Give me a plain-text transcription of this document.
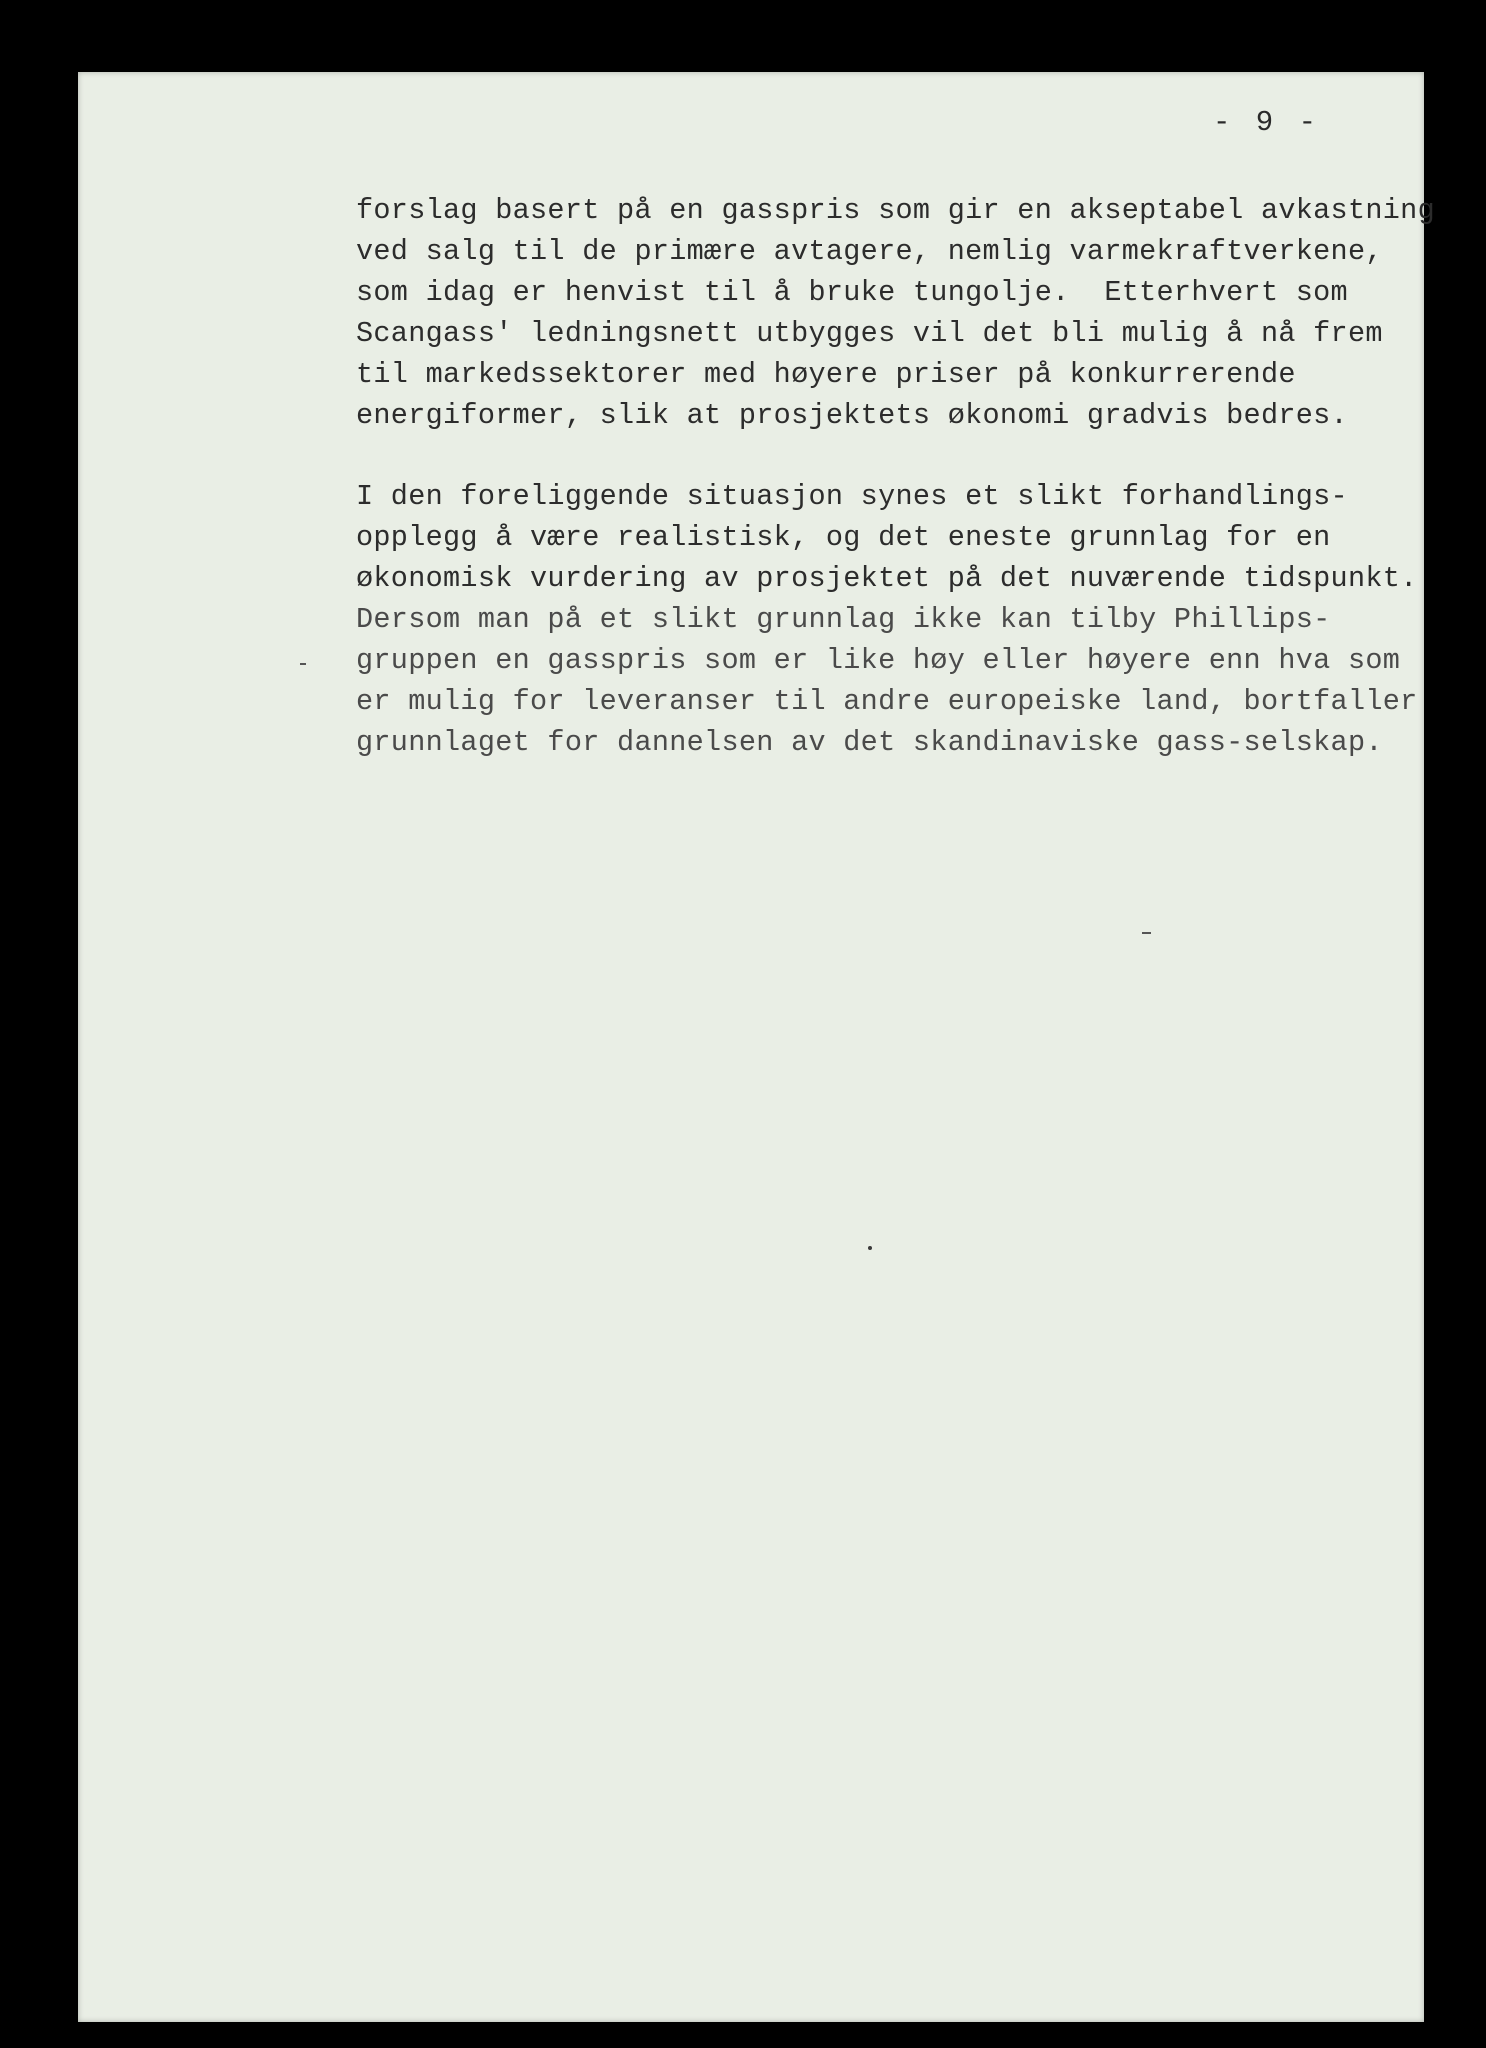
- 9 -
forslag basert på en gasspris som gir en akseptabel avkastning
ved salg til de primære avtagere, nemlig varmekraftverkene,
som idag er henvist til å bruke tungolje.  Etterhvert som
Scangass' ledningsnett utbygges vil det bli mulig å nå frem
til markedssektorer med høyere priser på konkurrerende
energiformer, slik at prosjektets økonomi gradvis bedres.
I den foreliggende situasjon synes et slikt forhandlings-
opplegg å være realistisk, og det eneste grunnlag for en
økonomisk vurdering av prosjektet på det nuværende tidspunkt.
Dersom man på et slikt grunnlag ikke kan tilby Phillips-
gruppen en gasspris som er like høy eller høyere enn hva som
er mulig for leveranser til andre europeiske land, bortfaller
grunnlaget for dannelsen av det skandinaviske gass-selskap.
